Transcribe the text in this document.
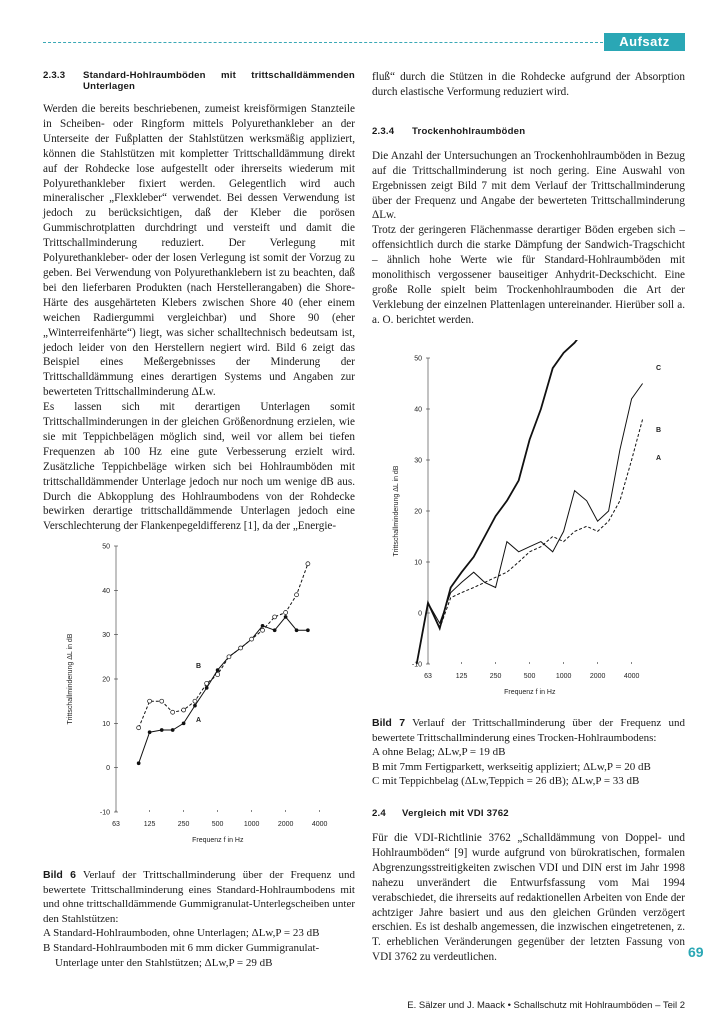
Aufsatz
2.3.3	Standard-Hohlraumböden mit trittschalldämmenden Unterlagen

Werden die bereits beschriebenen, zumeist kreisförmigen Stanzteile in Scheiben- oder Ringform mittels Polyurethankleber an der Unterseite der Fußplatten der Stahlstützen werksmäßig appliziert, können die Stahlstützen mit kompletter Trittschalldämmung direkt auf der Rohdecke lose aufgestellt oder ihrerseits wiederum mit Polyurethankleber fixiert werden. Gelegentlich wird auch mineralischer „Flexkleber“ verwendet. Bei dessen Verwendung ist jedoch zu berücksichtigen, daß der Kleber die porösen Gummischrotplatten durchdringt und versteift und damit die Trittschallminderung reduziert. Der Verlegung mit Polyurethankleber- oder der losen Verlegung ist somit der Vorzug zu geben. Bei Verwendung von Polyurethanklebern ist zu beachten, daß bei den lieferbaren Produkten (nach Herstellerangaben) die Shore-Härte des ausgehärteten Klebers zwischen Shore 40 (eher einem weichen Radiergummi vergleichbar) und Shore 90 (eher „Winterreifenhärte“) liegt, was sicher schalltechnisch bedeutsam ist, jedoch leider von den Herstellern negiert wird. Bild 6 zeigt das Beispiel eines Meßergebnisses der Minderung der Trittschalldämmung eines derartigen Systems und Angaben zur bewerteten Trittschallminderung ΔLw.

Es lassen sich mit derartigen Unterlagen somit Trittschallminderungen in der gleichen Größenordnung erzielen, wie sie mit Teppichbelägen möglich sind, weil vor allem bei tiefen Frequenzen ab 100 Hz eine gute Verbesserung erzielt wird. Zusätzliche Teppichbeläge wirken sich bei Hohlraumböden mit trittschalldämmender Unterlage jedoch nur noch um wenige dB aus. Durch die Abkopplung des Hohlraumbodens von der Rohdecke bewirken derartige trittschalldämmende Unterlagen jedoch eine Verschlechterung der Flankenpegeldifferenz [1], da der „Energie-

50
40
30
20
10
0
-10
63	125	250	500	1000	2000	4000
Frequenz f in Hz
Trittschallminderung ΔL in dB	A
B

Bild 6 Verlauf der Trittschallminderung über der Frequenz und bewertete Trittschallminderung eines Standard-Hohlraumbodens mit und ohne trittschalldämmende Gummigranulat-Unterlegscheiben unter den Stahlstützen:

A Standard-Hohlraumboden, ohne Unterlagen; ΔLw,P = 23 dB

B Standard-Hohlraumboden mit 6 mm dicker Gummigranulat-

Unterlage unter den Stahlstützen; ΔLw,P = 29 dB

fluß“ durch die Stützen in die Rohdecke aufgrund der Absorption durch elastische Verformung reduziert wird.

2.3.4	Trockenhohlraumböden

Die Anzahl der Untersuchungen an Trockenhohlraumböden in Bezug auf die Trittschallminderung ist noch gering. Eine Auswahl von Ergebnissen zeigt Bild 7 mit dem Verlauf der Trittschallminderung über der Frequenz und Angabe der bewerteten Trittschallminderung ΔLw.

Trotz der geringeren Flächenmasse derartiger Böden ergeben sich – offensichtlich durch die starke Dämpfung der Sandwich-Tragschicht – ähnlich hohe Werte wie für Standard-Hohlraumböden mit monolithisch vergossener bauseitiger Anhydrit-Deckschicht. Eine große Rolle spielt beim Trockenhohlraumboden die Art der Verklebung der einzelnen Plattenlagen untereinander. Hierüber soll a. a. O. berichtet werden.

50
40
30
20
10
0
-10
63	125	250	500	1000	2000	4000
Frequenz f in Hz
Trittschallminderung ΔL in dB
A
B
C

Bild 7 Verlauf der Trittschallminderung über der Frequenz und bewertete Trittschallminderung eines Trocken-Hohlraumbodens:

A ohne Belag; ΔLw,P = 19 dB

B mit 7mm Fertigparkett, werkseitig appliziert; ΔLw,P = 20 dB

C mit Teppichbelag (ΔLw,Teppich = 26 dB); ΔLw,P = 33 dB

2.4	Vergleich mit VDI 3762

Für die VDI-Richtlinie 3762 „Schalldämmung von Doppel- und Hohlraumböden“ [9] wurde aufgrund von bürokratischen, formalen Abgrenzungsstreitigkeiten zwischen VDI und DIN erst im Jahr 1998 nahezu unverändert die Entwurfsfassung vom Mai 1994 verabschiedet, die ihrerseits auf redaktionellen Arbeiten von Ende der achtziger Jahre basiert und aus den gleichen Gründen verzögert erschien. Es ist deshalb angemessen, die inzwischen eingetretenen, z. T. erheblichen Veränderungen gegenüber der letzten Fassung von VDI 3762 zu verdeutlichen.	69
E. Sälzer und J. Maack • Schallschutz mit Hohlraumböden – Teil 2
